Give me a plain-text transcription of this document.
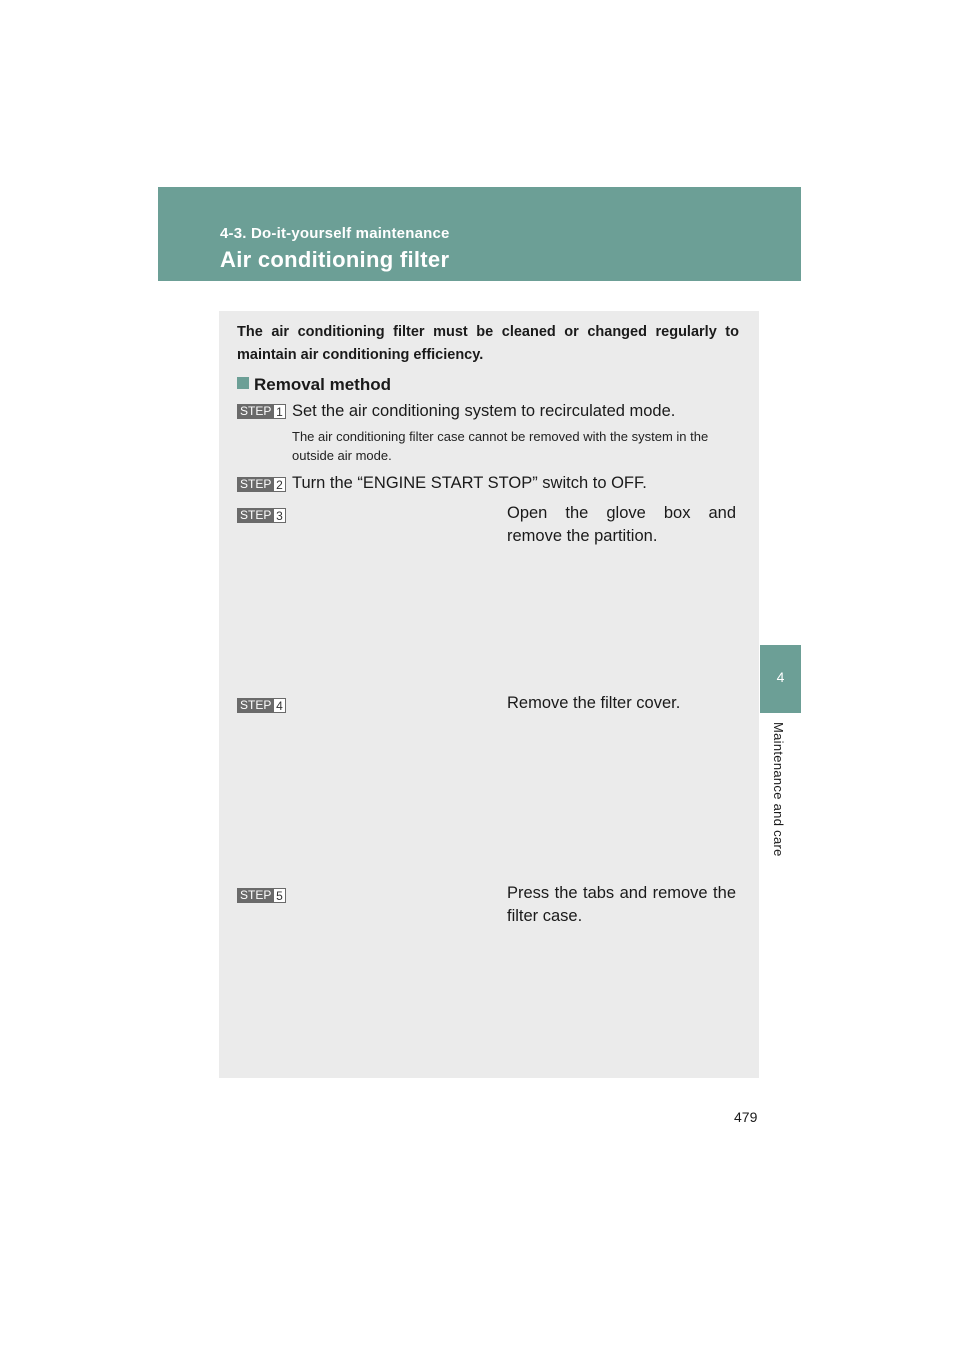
4-3. Do-it-yourself maintenance
Air conditioning filter
4
Maintenance and care
The air conditioning filter must be cleaned or changed regularly to maintain air conditioning efficiency.
Removal method
STEP 1 Set the air conditioning system to recirculated mode.
The air conditioning filter case cannot be removed with the system in the outside air mode.
STEP 2 Turn the “ENGINE START STOP” switch to OFF.
STEP 3	Open the glove box and remove the partition.
STEP 4	Remove the filter cover.
STEP 5	Press the tabs and remove the filter case.
479
